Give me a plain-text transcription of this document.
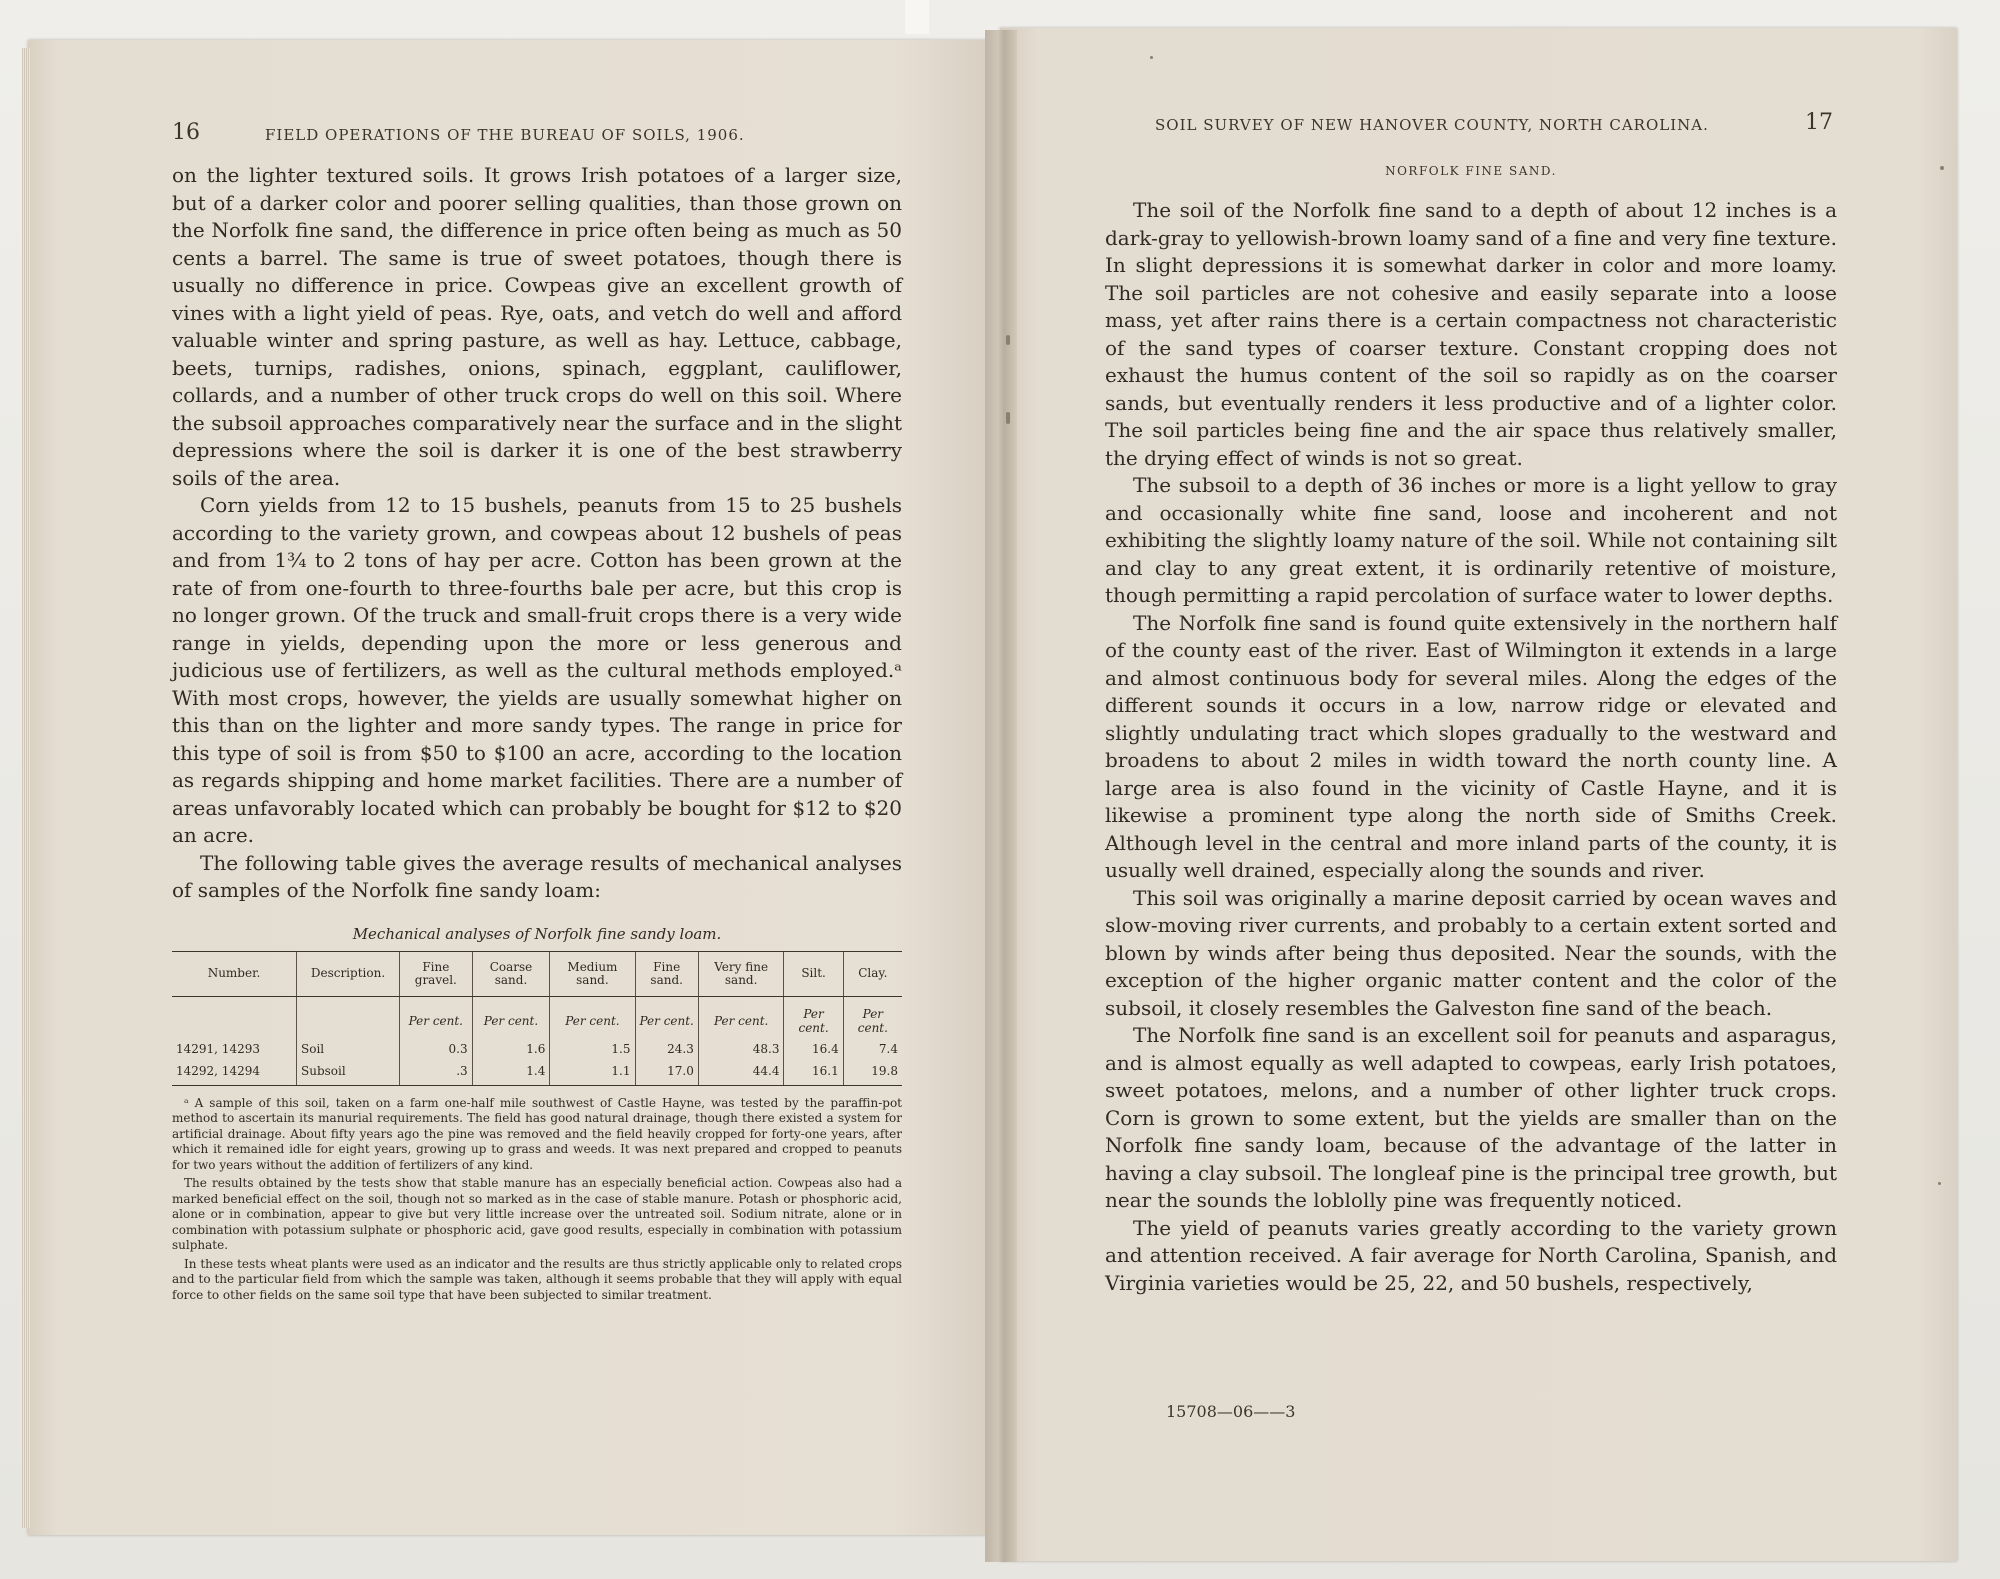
16	FIELD OPERATIONS OF THE BUREAU OF SOILS, 1906.

on the lighter textured soils. It grows Irish potatoes of a larger size, but of a darker color and poorer selling qualities, than those grown on the Norfolk fine sand, the difference in price often being as much as 50 cents a barrel. The same is true of sweet potatoes, though there is usually no difference in price. Cowpeas give an excellent growth of vines with a light yield of peas. Rye, oats, and vetch do well and afford valuable winter and spring pasture, as well as hay. Lettuce, cabbage, beets, turnips, radishes, onions, spinach, eggplant, cauliflower, collards, and a number of other truck crops do well on this soil. Where the subsoil approaches comparatively near the surface and in the slight depressions where the soil is darker it is one of the best strawberry soils of the area.

Corn yields from 12 to 15 bushels, peanuts from 15 to 25 bushels according to the variety grown, and cowpeas about 12 bushels of peas and from 1¾ to 2 tons of hay per acre. Cotton has been grown at the rate of from one-fourth to three-fourths bale per acre, but this crop is no longer grown. Of the truck and small-fruit crops there is a very wide range in yields, depending upon the more or less generous and judicious use of fertilizers, as well as the cultural methods employed.ᵃ With most crops, however, the yields are usually somewhat higher on this than on the lighter and more sandy types. The range in price for this type of soil is from $50 to $100 an acre, according to the location as regards shipping and home market facilities. There are a number of areas unfavorably located which can probably be bought for $12 to $20 an acre.

The following table gives the average results of mechanical analyses of samples of the Norfolk fine sandy loam:

Mechanical analyses of Norfolk fine sandy loam.
Number.	Description.	Fine gravel.	Coarse sand.	Medium sand.	Fine sand.	Very fine sand.	Silt.	Clay.
		Per cent.	Per cent.	Per cent.	Per cent.	Per cent.	Per cent.	Per cent.
14291, 14293	Soil	0.3	1.6	1.5	24.3	48.3	16.4	7.4
14292, 14294	Subsoil	.3	1.4	1.1	17.0	44.4	16.1	19.8

ᵃ A sample of this soil, taken on a farm one-half mile southwest of Castle Hayne, was tested by the paraffin-pot method to ascertain its manurial requirements. The field has good natural drainage, though there existed a system for artificial drainage. About fifty years ago the pine was removed and the field heavily cropped for forty-one years, after which it remained idle for eight years, growing up to grass and weeds. It was next prepared and cropped to peanuts for two years without the addition of fertilizers of any kind.

The results obtained by the tests show that stable manure has an especially beneficial action. Cowpeas also had a marked beneficial effect on the soil, though not so marked as in the case of stable manure. Potash or phosphoric acid, alone or in combination, appear to give but very little increase over the untreated soil. Sodium nitrate, alone or in combination with potassium sulphate or phosphoric acid, gave good results, especially in combination with potassium sulphate.

In these tests wheat plants were used as an indicator and the results are thus strictly applicable only to related crops and to the particular field from which the sample was taken, although it seems probable that they will apply with equal force to other fields on the same soil type that have been subjected to similar treatment.

SOIL SURVEY OF NEW HANOVER COUNTY, NORTH CAROLINA.	17
NORFOLK FINE SAND.

The soil of the Norfolk fine sand to a depth of about 12 inches is a dark-gray to yellowish-brown loamy sand of a fine and very fine texture. In slight depressions it is somewhat darker in color and more loamy. The soil particles are not cohesive and easily separate into a loose mass, yet after rains there is a certain compactness not characteristic of the sand types of coarser texture. Constant cropping does not exhaust the humus content of the soil so rapidly as on the coarser sands, but eventually renders it less productive and of a lighter color. The soil particles being fine and the air space thus relatively smaller, the drying effect of winds is not so great.

The subsoil to a depth of 36 inches or more is a light yellow to gray and occasionally white fine sand, loose and incoherent and not exhibiting the slightly loamy nature of the soil. While not containing silt and clay to any great extent, it is ordinarily retentive of moisture, though permitting a rapid percolation of surface water to lower depths.

The Norfolk fine sand is found quite extensively in the northern half of the county east of the river. East of Wilmington it extends in a large and almost continuous body for several miles. Along the edges of the different sounds it occurs in a low, narrow ridge or elevated and slightly undulating tract which slopes gradually to the westward and broadens to about 2 miles in width toward the north county line. A large area is also found in the vicinity of Castle Hayne, and it is likewise a prominent type along the north side of Smiths Creek. Although level in the central and more inland parts of the county, it is usually well drained, especially along the sounds and river.

This soil was originally a marine deposit carried by ocean waves and slow-moving river currents, and probably to a certain extent sorted and blown by winds after being thus deposited. Near the sounds, with the exception of the higher organic matter content and the color of the subsoil, it closely resembles the Galveston fine sand of the beach.

The Norfolk fine sand is an excellent soil for peanuts and asparagus, and is almost equally as well adapted to cowpeas, early Irish potatoes, sweet potatoes, melons, and a number of other lighter truck crops. Corn is grown to some extent, but the yields are smaller than on the Norfolk fine sandy loam, because of the advantage of the latter in having a clay subsoil. The longleaf pine is the principal tree growth, but near the sounds the loblolly pine was frequently noticed.

The yield of peanuts varies greatly according to the variety grown and attention received. A fair average for North Carolina, Spanish, and Virginia varieties would be 25, 22, and 50 bushels, respectively,

15708—06——3
